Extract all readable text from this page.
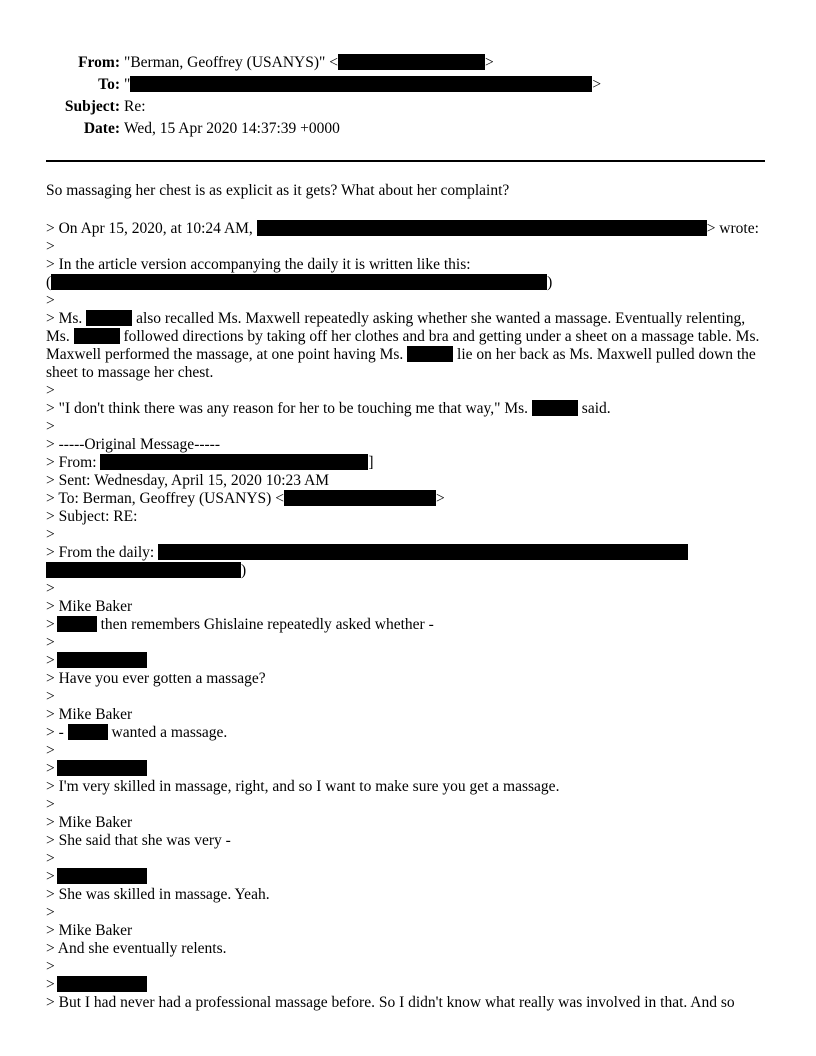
From: "Berman, Geoffrey (USANYS)" <	>
To: "	>
Subject: Re:
Date: Wed, 15 Apr 2020 14:37:39 +0000
So massaging her chest is as explicit as it gets? What about her complaint?
> On Apr 15, 2020, at 10:24 AM,	> wrote:
>
> In the article version accompanying the daily it is written like this:
(	)
>
> Ms.	also recalled Ms. Maxwell repeatedly asking whether she wanted a massage. Eventually relenting, Ms.	followed directions by taking off her clothes and bra and getting under a sheet on a massage table. Ms. Maxwell performed the massage, at one point having Ms.	lie on her back as Ms. Maxwell pulled down the sheet to massage her chest.
>
> "I don't think there was any reason for her to be touching me that way," Ms.	said.
>
> -----Original Message-----
> From:	]
> Sent: Wednesday, April 15, 2020 10:23 AM
> To: Berman, Geoffrey (USANYS) <	>
> Subject: RE:
>
> From the daily:
)
>
> Mike Baker
>	then remembers Ghislaine repeatedly asked whether -
>
>
> Have you ever gotten a massage?
>
> Mike Baker
> -	wanted a massage.
>
>
> I'm very skilled in massage, right, and so I want to make sure you get a massage.
>
> Mike Baker
> She said that she was very -
>
>
> She was skilled in massage. Yeah.
>
> Mike Baker
> And she eventually relents.
>
>
> But I had never had a professional massage before. So I didn't know what really was involved in that. And so
